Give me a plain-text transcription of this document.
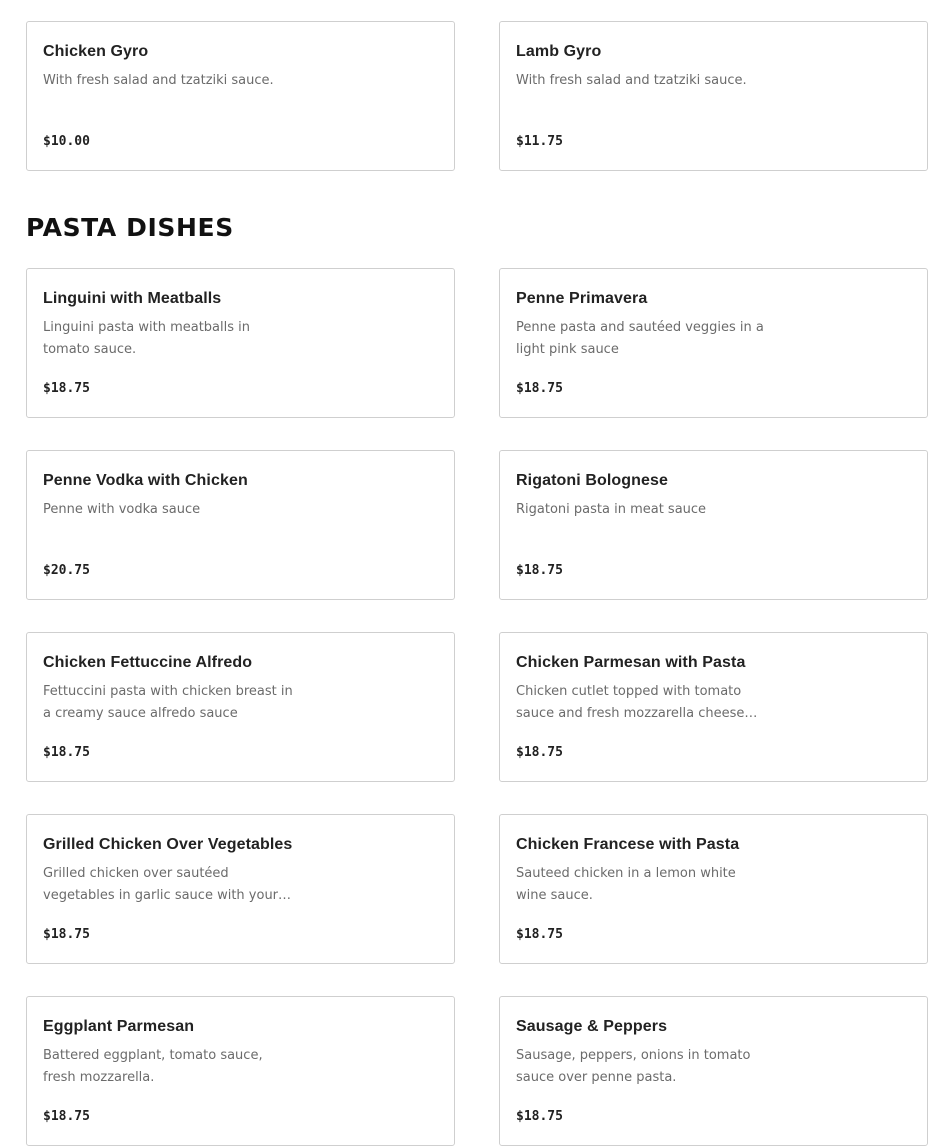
Chicken Gyro
With fresh salad and tzatziki sauce.
$10.00
Lamb Gyro
With fresh salad and tzatziki sauce.
$11.75
PASTA DISHES
Linguini with Meatballs
Linguini pasta with meatballs in tomato sauce.
$18.75
Penne Primavera
Penne pasta and sautéed veggies in a light pink sauce
$18.75
Penne Vodka with Chicken
Penne with vodka sauce
$20.75
Rigatoni Bolognese
Rigatoni pasta in meat sauce
$18.75
Chicken Fettuccine Alfredo
Fettuccini pasta with chicken breast in a creamy sauce alfredo sauce
$18.75
Chicken Parmesan with Pasta
Chicken cutlet topped with tomato sauce and fresh mozzarella cheese…
$18.75
Grilled Chicken Over Vegetables
Grilled chicken over sautéed vegetables in garlic sauce with your…
$18.75
Chicken Francese with Pasta
Sauteed chicken in a lemon white wine sauce.
$18.75
Eggplant Parmesan
Battered eggplant, tomato sauce, fresh mozzarella.
$18.75
Sausage & Peppers
Sausage, peppers, onions in tomato sauce over penne pasta.
$18.75
